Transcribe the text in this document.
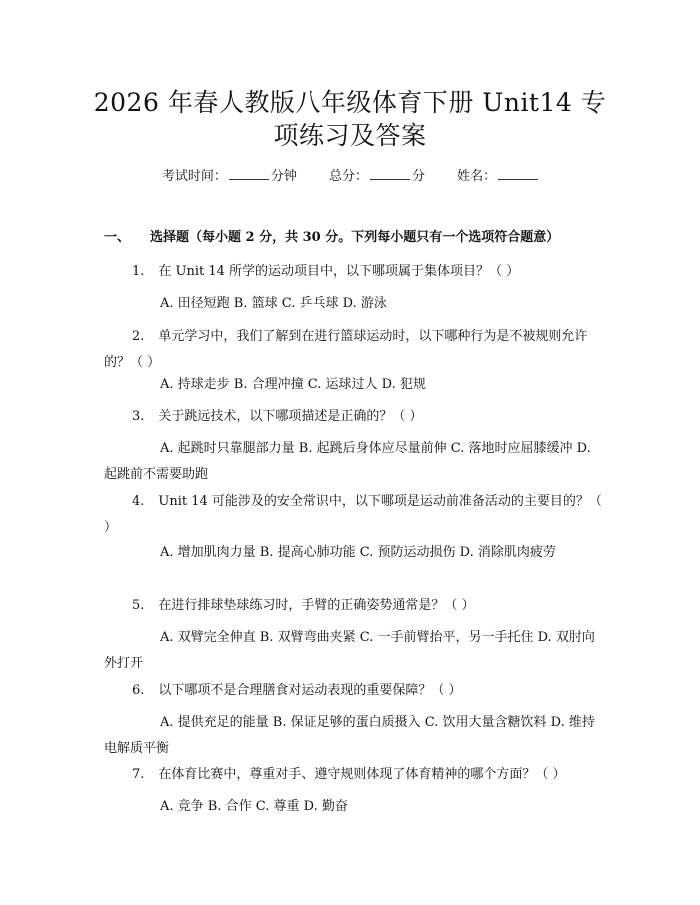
2026 年春人教版八年级体育下册 Unit14 专
项练习及答案
考试时间：	分钟 总分：	分 姓名：
一、 选择题（每小题 2 分，共 30 分。下列每小题只有一个选项符合题意）

1. 在 Unit 14 所学的运动项目中，以下哪项属于集体项目？（ ）

A. 田径短跑 B. 篮球 C. 乒乓球 D. 游泳

2. 单元学习中，我们了解到在进行篮球运动时，以下哪种行为是不被规则允许的？（ ）

A. 持球走步 B. 合理冲撞 C. 运球过人 D. 犯规

3. 关于跳远技术，以下哪项描述是正确的？（ ）

A. 起跳时只靠腿部力量 B. 起跳后身体应尽量前伸 C. 落地时应屈膝缓冲 D. 起跳前不需要助跑

4. Unit 14 可能涉及的安全常识中，以下哪项是运动前准备活动的主要目的？（ ）

A. 增加肌肉力量 B. 提高心肺功能 C. 预防运动损伤 D. 消除肌肉疲劳

5. 在进行排球垫球练习时，手臂的正确姿势通常是？（ ）

A. 双臂完全伸直 B. 双臂弯曲夹紧 C. 一手前臂抬平，另一手托住 D. 双肘向外打开

6. 以下哪项不是合理膳食对运动表现的重要保障？（ ）

A. 提供充足的能量 B. 保证足够的蛋白质摄入 C. 饮用大量含糖饮料 D. 维持电解质平衡

7. 在体育比赛中，尊重对手、遵守规则体现了体育精神的哪个方面？（ ）

A. 竞争 B. 合作 C. 尊重 D. 勤奋
